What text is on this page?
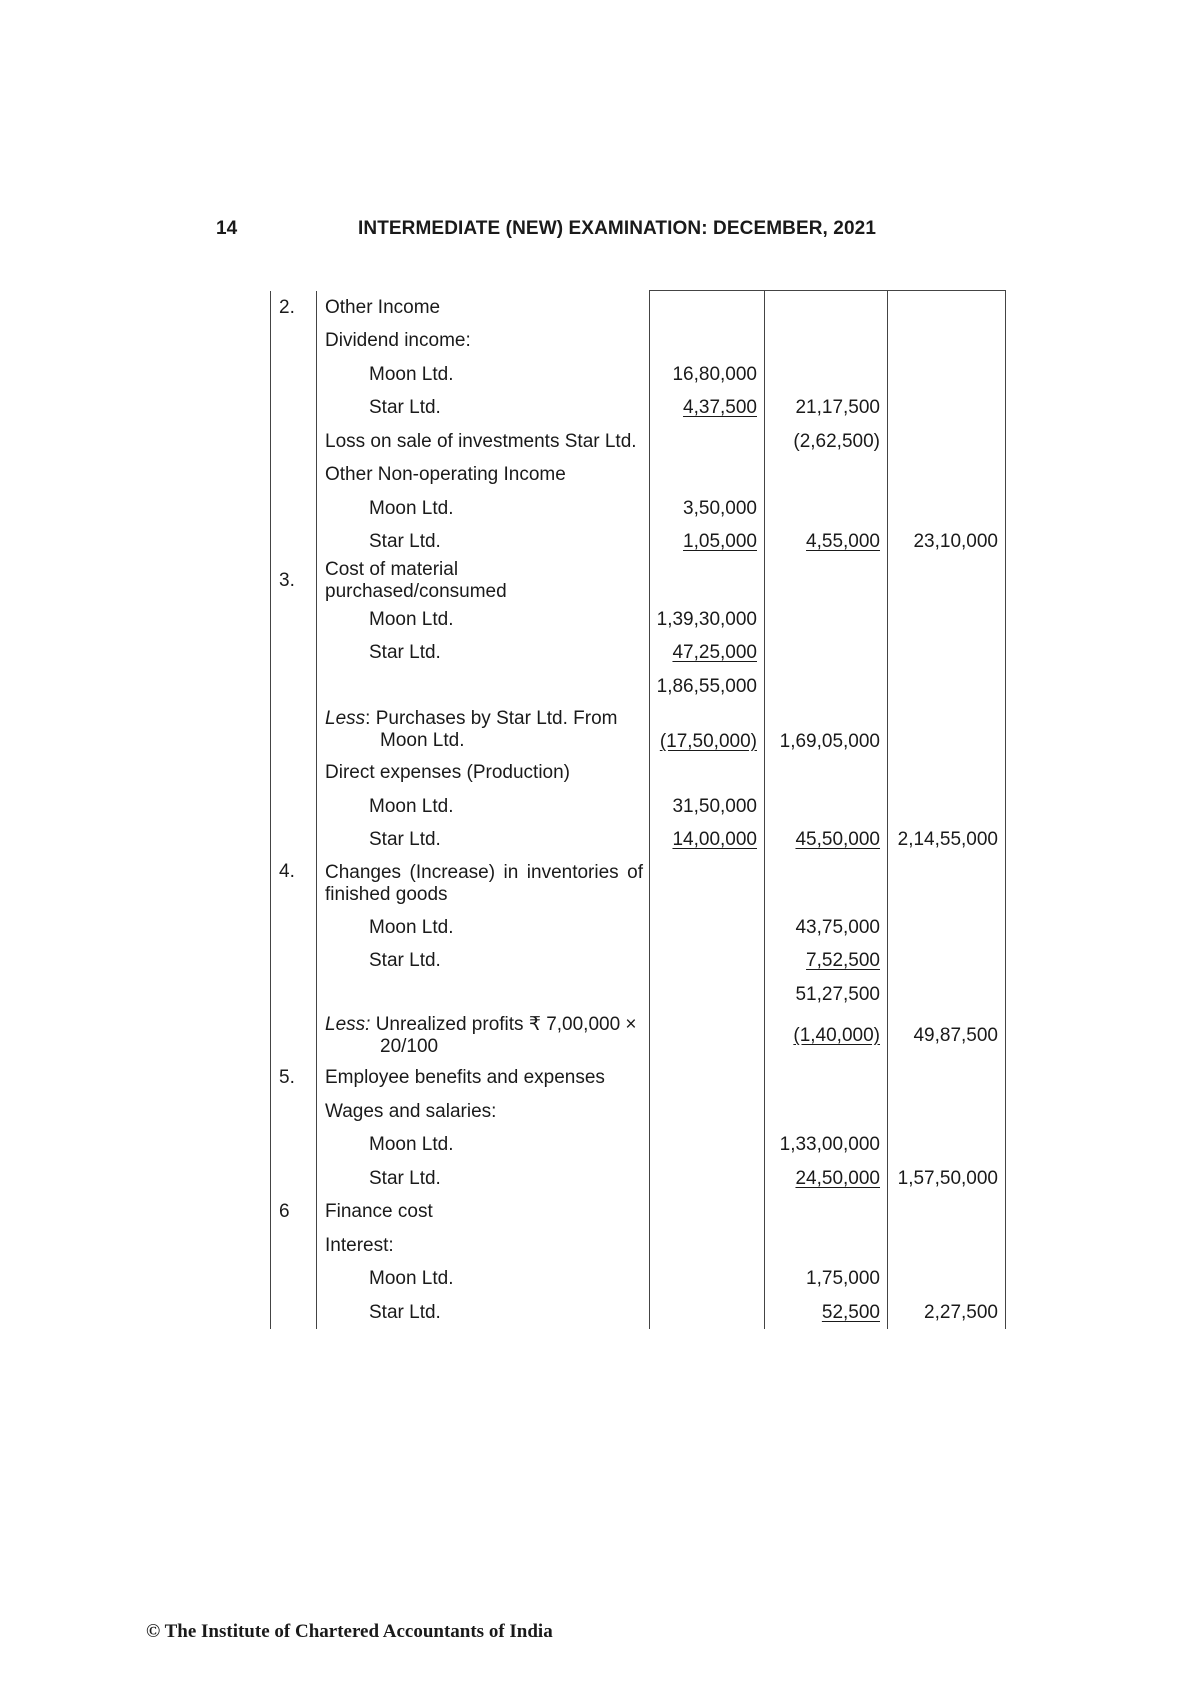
14	INTERMEDIATE (NEW) EXAMINATION: DECEMBER, 2021
2.	Other Income			
	Dividend income:			
	Moon Ltd.	16,80,000		
	Star Ltd.	4,37,500	21,17,500	
	Loss on sale of investments Star Ltd.		(2,62,500)	
	Other Non-operating Income			
	Moon Ltd.	3,50,000		
	Star Ltd.	1,05,000	4,55,000	23,10,000
3.	Cost of material purchased/consumed			
	Moon Ltd.	1,39,30,000		
	Star Ltd.	47,25,000		
		1,86,55,000		
	Less: Purchases by Star Ltd. From
Moon Ltd.	(17,50,000)	1,69,05,000	
	Direct expenses (Production)			
	Moon Ltd.	31,50,000		
	Star Ltd.	14,00,000	45,50,000	2,14,55,000
4.	Changes (Increase) in inventories of finished goods			
	Moon Ltd.		43,75,000	
	Star Ltd.		7,52,500	
			51,27,500	
	Less: Unrealized profits ₹ 7,00,000 ×
20/100		(1,40,000)	49,87,500
5.	Employee benefits and expenses			
	Wages and salaries:			
	Moon Ltd.		1,33,00,000	
	Star Ltd.		24,50,000	1,57,50,000
6	Finance cost			
	Interest:			
	Moon Ltd.		1,75,000	
	Star Ltd.		52,500	2,27,500
© The Institute of Chartered Accountants of India
